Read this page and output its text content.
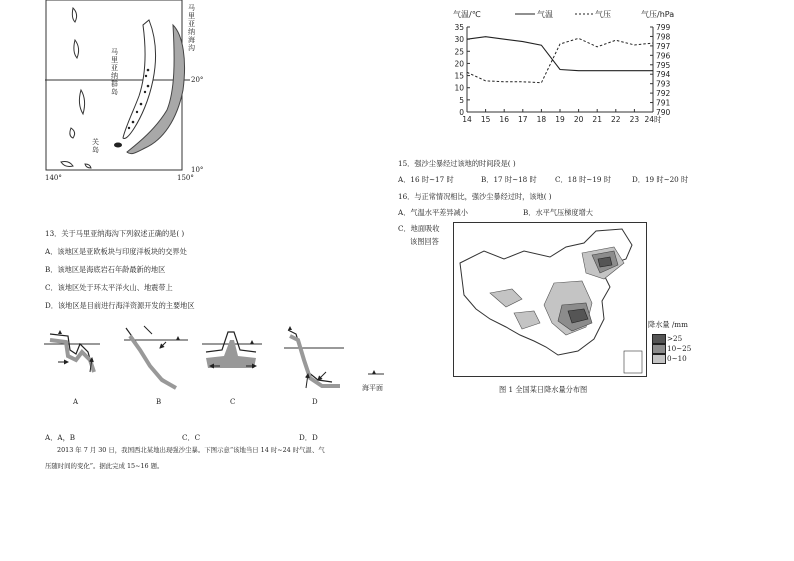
马里亚纳海沟
马里亚纳群岛
关岛
20°
10°
140°	150°
气温/℃	气压/hPa
气温	气压
0
5
10
15
20
25
30
35
790
791
792
793
794
795
796
797
798
799
14 15 16 17 18 19 20 21 22 23 24时
13．关于马里亚纳海沟下列叙述正确的是( )
A．该地区是亚欧板块与印度洋板块的交界处
B．该地区是海底岩石年龄最新的地区
C．该地区处于环太平洋火山、地震带上
D．该地区是目前进行海洋资源开发的主要地区
A	B	C	D
海平面
A．A，B	C．C	D．D
2013 年 7 月 30 日，我国西北某地出现强沙尘暴。下图示意“该地当日 14 时~24 时气温、气
压随时间的变化”。据此完成 15~16 题。
15．强沙尘暴经过该地的时间段是( )
A．16 时~17 时	B．17 时~18 时	C．18 时~19 时	D．19 时~20 时
16．与正常情况相比，强沙尘暴经过时，该地( )
A．气温水平差异减小	B．水平气压梯度增大
C．地面吸收
该图回答
降水量 /mm
>25
10~25
0~10
图 1 全国某日降水量分布图
